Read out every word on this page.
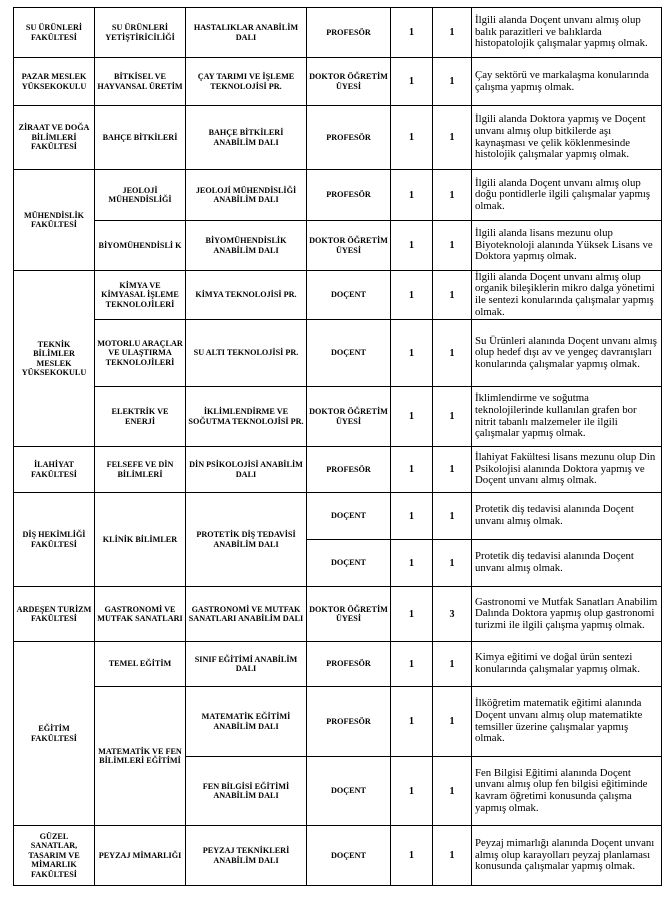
SU ÜRÜNLERİ FAKÜLTESİ	SU ÜRÜNLERİ YETİŞTİRİCİLİĞİ	HASTALIKLAR ANABİLİM DALI	PROFESÖR	1	1	İlgili alanda Doçent unvanı almış olup balık parazitleri ve balıklarda histopatolojik çalışmalar yapmış olmak.
PAZAR MESLEK YÜKSEKOKULU	BİTKİSEL VE HAYVANSAL ÜRETİM	ÇAY TARIMI VE İŞLEME TEKNOLOJİSİ PR.	DOKTOR ÖĞRETİM ÜYESİ	1	1	Çay sektörü ve markalaşma konularında çalışma yapmış olmak.
ZİRAAT VE DOĞA BİLİMLERİ FAKÜLTESİ	BAHÇE BİTKİLERİ	BAHÇE BİTKİLERİ ANABİLİM DALI	PROFESÖR	1	1	İlgili alanda Doktora yapmış ve Doçent unvanı almış olup bitkilerde aşı kaynaşması ve çelik köklenmesinde histolojik çalışmalar yapmış olmak.
MÜHENDİSLİK FAKÜLTESİ	JEOLOJİ MÜHENDİSLİĞİ	JEOLOJİ MÜHENDİSLİĞİ ANABİLİM DALI	PROFESÖR	1	1	İlgili alanda Doçent unvanı almış olup doğu pontidlerle ilgili çalışmalar yapmış olmak.
	BİYOMÜHENDİSLİ K	BİYOMÜHENDİSLİK ANABİLİM DALI	DOKTOR ÖĞRETİM ÜYESİ	1	1	İlgili alanda lisans mezunu olup Biyoteknoloji alanında Yüksek Lisans ve Doktora yapmış olmak.
TEKNİK BİLİMLER MESLEK YÜKSEKOKULU	KİMYA VE KİMYASAL İŞLEME TEKNOLOJİLERİ	KİMYA TEKNOLOJİSİ PR.	DOÇENT	1	1	İlgili alanda Doçent unvanı almış olup organik bileşiklerin mikro dalga yönetimi ile sentezi konularında çalışmalar yapmış olmak.
	MOTORLU ARAÇLAR VE ULAŞTIRMA TEKNOLOJİLERİ	SU ALTI TEKNOLOJİSİ PR.	DOÇENT	1	1	Su Ürünleri alanında Doçent unvanı almış olup hedef dışı av ve yengeç davranışları konularında çalışmalar yapmış olmak.
	ELEKTRİK VE ENERJİ	İKLİMLENDİRME VE SOĞUTMA TEKNOLOJİSİ PR.	DOKTOR ÖĞRETİM ÜYESİ	1	1	İklimlendirme ve soğutma teknolojilerinde kullanılan grafen bor nitrit tabanlı malzemeler ile ilgili çalışmalar yapmış olmak.
İLAHİYAT FAKÜLTESİ	FELSEFE VE DİN BİLİMLERİ	DİN PSİKOLOJİSİ ANABİLİM DALI	PROFESÖR	1	1	İlahiyat Fakültesi lisans mezunu olup Din Psikolojisi alanında Doktora yapmış ve Doçent unvanı almış olmak.
DİŞ HEKİMLİĞİ FAKÜLTESİ	KLİNİK BİLİMLER	PROTETİK DİŞ TEDAVİSİ ANABİLİM DALI	DOÇENT	1	1	Protetik diş tedavisi alanında Doçent unvanı almış olmak.
			DOÇENT	1	1	Protetik diş tedavisi alanında Doçent unvanı almış olmak.
ARDEŞEN TURİZM FAKÜLTESİ	GASTRONOMİ VE MUTFAK SANATLARI	GASTRONOMİ VE MUTFAK SANATLARI ANABİLİM DALI	DOKTOR ÖĞRETİM ÜYESİ	1	3	Gastronomi ve Mutfak Sanatları Anabilim Dalında Doktora yapmış olup gastronomi turizmi ile ilgili çalışma yapmış olmak.
EĞİTİM FAKÜLTESİ	TEMEL EĞİTİM	SINIF EĞİTİMİ ANABİLİM DALI	PROFESÖR	1	1	Kimya eğitimi ve doğal ürün sentezi konularında çalışmalar yapmış olmak.
	MATEMATİK VE FEN BİLİMLERİ EĞİTİMİ	MATEMATİK EĞİTİMİ ANABİLİM DALI	PROFESÖR	1	1	İlköğretim matematik eğitimi alanında Doçent unvanı almış olup matematikte temsiller üzerine çalışmalar yapmış olmak.
		FEN BİLGİSİ EĞİTİMİ ANABİLİM DALI	DOÇENT	1	1	Fen Bilgisi Eğitimi alanında Doçent unvanı almış olup fen bilgisi eğitiminde kavram öğretimi konusunda çalışma yapmış olmak.
GÜZEL SANATLAR, TASARIM VE MİMARLIK FAKÜLTESİ	PEYZAJ MİMARLIĞI	PEYZAJ TEKNİKLERİ ANABİLİM DALI	DOÇENT	1	1	Peyzaj mimarlığı alanında Doçent unvanı almış olup karayolları peyzaj planlaması konusunda çalışmalar yapmış olmak.
